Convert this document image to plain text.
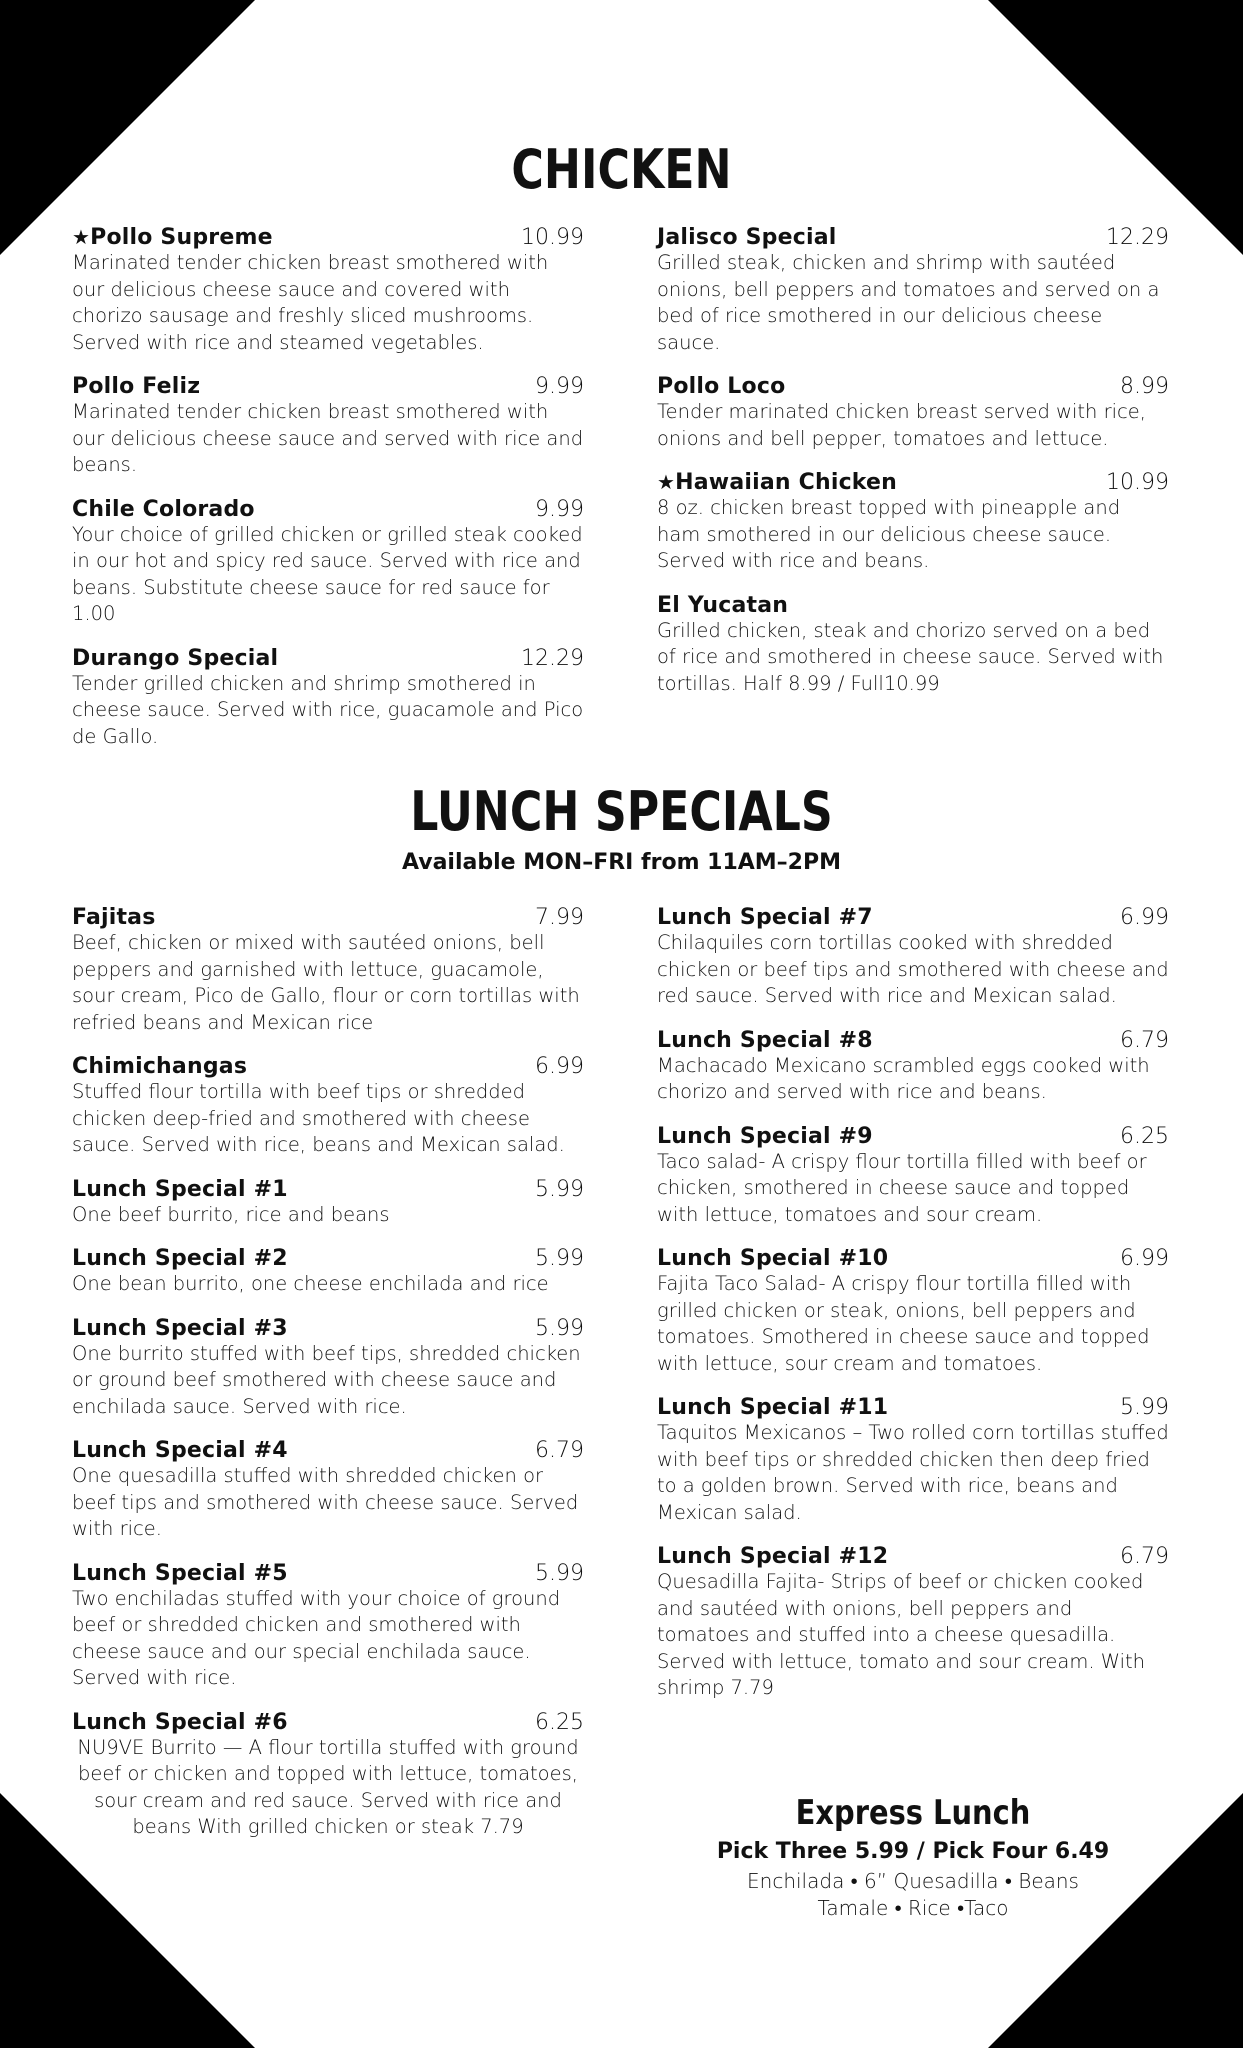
CHICKEN
★Pollo Supreme	10.99
Marinated tender chicken breast smothered with our delicious cheese sauce and covered with chorizo sausage and freshly sliced mushrooms. Served with rice and steamed vegetables.
Pollo Feliz	9.99
Marinated tender chicken breast smothered with our delicious cheese sauce and served with rice and beans.
Chile Colorado	9.99
Your choice of grilled chicken or grilled steak cooked in our hot and spicy red sauce. Served with rice and beans. Substitute cheese sauce for red sauce for 1.00
Durango Special	12.29
Tender grilled chicken and shrimp smothered in cheese sauce. Served with rice, guacamole and Pico de Gallo.
Jalisco Special	12.29
Grilled steak, chicken and shrimp with sautéed onions, bell peppers and tomatoes and served on a bed of rice smothered in our delicious cheese sauce.
Pollo Loco	8.99
Tender marinated chicken breast served with rice, onions and bell pepper, tomatoes and lettuce.
★Hawaiian Chicken	10.99
8 oz. chicken breast topped with pineapple and ham smothered in our delicious cheese sauce. Served with rice and beans.
El Yucatan
Grilled chicken, steak and chorizo served on a bed of rice and smothered in cheese sauce. Served with tortillas. Half 8.99 / Full10.99
LUNCH SPECIALS
Available MON–FRI from 11AM–2PM
Fajitas	7.99
Beef, chicken or mixed with sautéed onions, bell peppers and garnished with lettuce, guacamole, sour cream, Pico de Gallo, flour or corn tortillas with refried beans and Mexican rice
Chimichangas	6.99
Stuffed flour tortilla with beef tips or shredded chicken deep-fried and smothered with cheese sauce. Served with rice, beans and Mexican salad.
Lunch Special #1	5.99
One beef burrito, rice and beans
Lunch Special #2	5.99
One bean burrito, one cheese enchilada and rice
Lunch Special #3	5.99
One burrito stuffed with beef tips, shredded chicken or ground beef smothered with cheese sauce and enchilada sauce. Served with rice.
Lunch Special #4	6.79
One quesadilla stuffed with shredded chicken or beef tips and smothered with cheese sauce. Served with rice.
Lunch Special #5	5.99
Two enchiladas stuffed with your choice of ground beef or shredded chicken and smothered with cheese sauce and our special enchilada sauce. Served with rice.
Lunch Special #6	6.25
NU9VE Burrito — A flour tortilla stuffed with ground beef or chicken and topped with lettuce, tomatoes, sour cream and red sauce. Served with rice and beans With grilled chicken or steak 7.79
Lunch Special #7	6.99
Chilaquiles corn tortillas cooked with shredded chicken or beef tips and smothered with cheese and red sauce. Served with rice and Mexican salad.
Lunch Special #8	6.79
Machacado Mexicano scrambled eggs cooked with chorizo and served with rice and beans.
Lunch Special #9	6.25
Taco salad- A crispy flour tortilla filled with beef or chicken, smothered in cheese sauce and topped with lettuce, tomatoes and sour cream.
Lunch Special #10	6.99
Fajita Taco Salad- A crispy flour tortilla filled with grilled chicken or steak, onions, bell peppers and tomatoes. Smothered in cheese sauce and topped with lettuce, sour cream and tomatoes.
Lunch Special #11	5.99
Taquitos Mexicanos – Two rolled corn tortillas stuffed with beef tips or shredded chicken then deep fried to a golden brown. Served with rice, beans and Mexican salad.
Lunch Special #12	6.79
Quesadilla Fajita- Strips of beef or chicken cooked and sautéed with onions, bell peppers and tomatoes and stuffed into a cheese quesadilla. Served with lettuce, tomato and sour cream. With shrimp 7.79
Express Lunch
Pick Three 5.99 / Pick Four 6.49
Enchilada • 6” Quesadilla • Beans
Tamale • Rice •Taco
